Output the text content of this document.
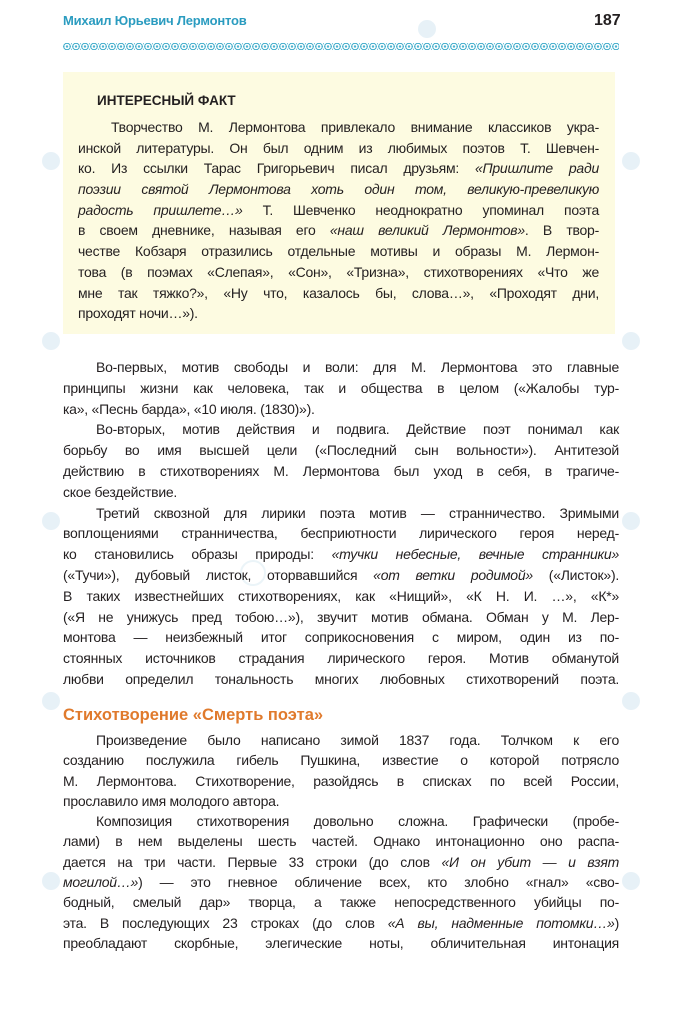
Михаил Юрьевич Лермонтов	187
ИНТЕРЕСНЫЙ ФАКТ
Творчество М. Лермонтова привлекало внимание классиков укра-
инской литературы. Он был одним из любимых поэтов Т. Шевчен-
ко. Из ссылки Тарас Григорьевич писал друзьям: «Пришлите ради
поэзии святой Лермонтова хоть один том, великую-превеликую
радость пришлете…» Т. Шевченко неоднократно упоминал поэта
в своем дневнике, называя его «наш великий Лермонтов». В твор-
честве Кобзаря отразились отдельные мотивы и образы М. Лермон-
това (в поэмах «Слепая», «Сон», «Тризна», стихотворениях «Что же
мне так тяжко?», «Ну что, казалось бы, слова…», «Проходят дни,
проходят ночи…»).
Во-первых, мотив свободы и воли: для М. Лермонтова это главные
принципы жизни как человека, так и общества в целом («Жалобы тур-
ка», «Песнь барда», «10 июля. (1830)»).
Во-вторых, мотив действия и подвига. Действие поэт понимал как
борьбу во имя высшей цели («Последний сын вольности»). Антитезой
действию в стихотворениях М. Лермонтова был уход в себя, в трагиче-
ское бездействие.
Третий сквозной для лирики поэта мотив — странничество. Зримыми
воплощениями странничества, бесприютности лирического героя неред-
ко становились образы природы: «тучки небесные, вечные странники»
(«Тучи»), дубовый листок, оторвавшийся «от ветки родимой» («Листок»).
В таких известнейших стихотворениях, как «Нищий», «К Н. И. …», «К*»
(«Я не унижусь пред тобою…»), звучит мотив обмана. Обман у М. Лер-
монтова — неизбежный итог соприкосновения с миром, один из по-
стоянных источников страдания лирического героя. Мотив обманутой
любви определил тональность многих любовных стихотворений поэта.
Стихотворение «Смерть поэта»
Произведение было написано зимой 1837 года. Толчком к его
созданию послужила гибель Пушкина, известие о которой потрясло
М. Лермонтова. Стихотворение, разойдясь в списках по всей России,
прославило имя молодого автора.
Композиция стихотворения довольно сложна. Графически (пробе-
лами) в нем выделены шесть частей. Однако интонационно оно распа-
дается на три части. Первые 33 строки (до слов «И он убит — и взят
могилой…») — это гневное обличение всех, кто злобно «гнал» «сво-
бодный, смелый дар» творца, а также непосредственного убийцы по-
эта. В последующих 23 строках (до слов «А вы, надменные потомки…»)
преобладают скорбные, элегические ноты, обличительная интонация
